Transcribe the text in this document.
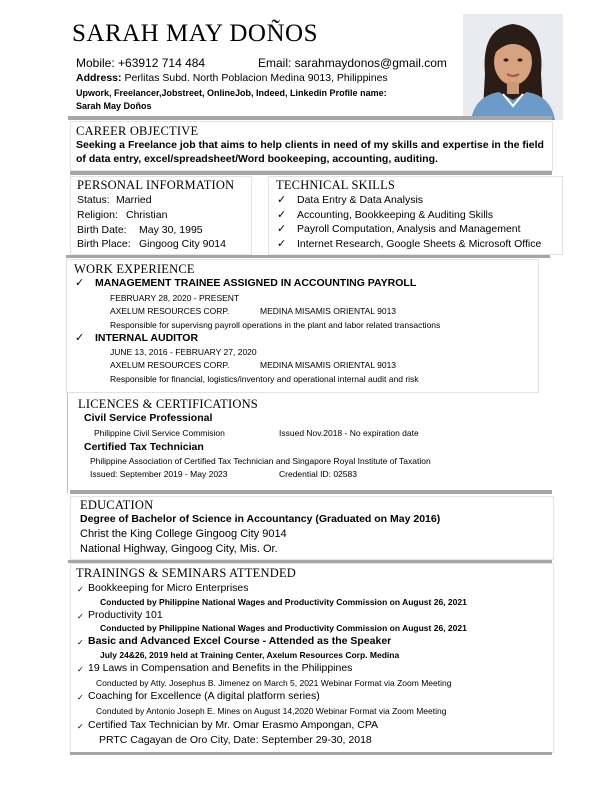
SARAH MAY DOÑOS
Mobile: +63912 714 484	Email: sarahmaydonos@gmail.com
Address: Perlitas Subd. North Poblacion Medina 9013, Philippines
Upwork, Freelancer,Jobstreet, OnlineJob, Indeed, Linkedin Profile name:
Sarah May Doños
CAREER OBJECTIVE
Seeking a Freelance job that aims to help clients in need of my skills and expertise in the field
of data entry, excel/spreadsheet/Word bookeeping, accounting, auditing.
PERSONAL INFORMATION
Status: Married
Religion: Christian
Birth Date: May 30, 1995
Birth Place: Gingoog City 9014
TECHNICAL SKILLS
✓ Data Entry & Data Analysis
✓ Accounting, Bookkeeping & Auditing Skills
✓ Payroll Computation, Analysis and Management
✓ Internet Research, Google Sheets & Microsoft Office
WORK EXPERIENCE
✓ MANAGEMENT TRAINEE ASSIGNED IN ACCOUNTING PAYROLL
FEBRUARY 28, 2020 - PRESENT
AXELUM RESOURCES CORP.	MEDINA MISAMIS ORIENTAL 9013
Responsible for supervisng payroll operations in the plant and labor related transactions
✓ INTERNAL AUDITOR
JUNE 13, 2016 - FEBRUARY 27, 2020
AXELUM RESOURCES CORP.	MEDINA MISAMIS ORIENTAL 9013
Responsible for financial, logistics/inventory and operational internal audit and risk
LICENCES & CERTIFICATIONS
Civil Service Professional
Philippine Civil Service Commision	Issued Nov.2018 - No expiration date
Certified Tax Technician
Philippine Association of Certified Tax Technician and Singapore Royal Institute of Taxation
Issued: September 2019 - May 2023	Credential ID: 02583
EDUCATION
Degree of Bachelor of Science in Accountancy (Graduated on May 2016)
Christ the King College Gingoog City 9014
National Highway, Gingoog City, Mis. Or.
TRAININGS & SEMINARS ATTENDED
✓ Bookkeeping for Micro Enterprises
Conducted by Philippine National Wages and Productivity Commission on August 26, 2021
✓ Productivity 101
Conducted by Philippine National Wages and Productivity Commission on August 26, 2021
✓ Basic and Advanced Excel Course - Attended as the Speaker
July 24&26, 2019 held at Training Center, Axelum Resources Corp. Medina
✓ 19 Laws in Compensation and Benefits in the Philippines
Conducted by Atty. Josephus B. Jimenez on March 5, 2021 Webinar Format via Zoom Meeting
✓ Coaching for Excellence (A digital platform series)
Conduted by Antonio Joseph E. Mines on August 14,2020 Webinar Format via Zoom Meeting
✓ Certified Tax Technician by Mr. Omar Erasmo Ampongan, CPA
PRTC Cagayan de Oro City, Date: September 29-30, 2018
